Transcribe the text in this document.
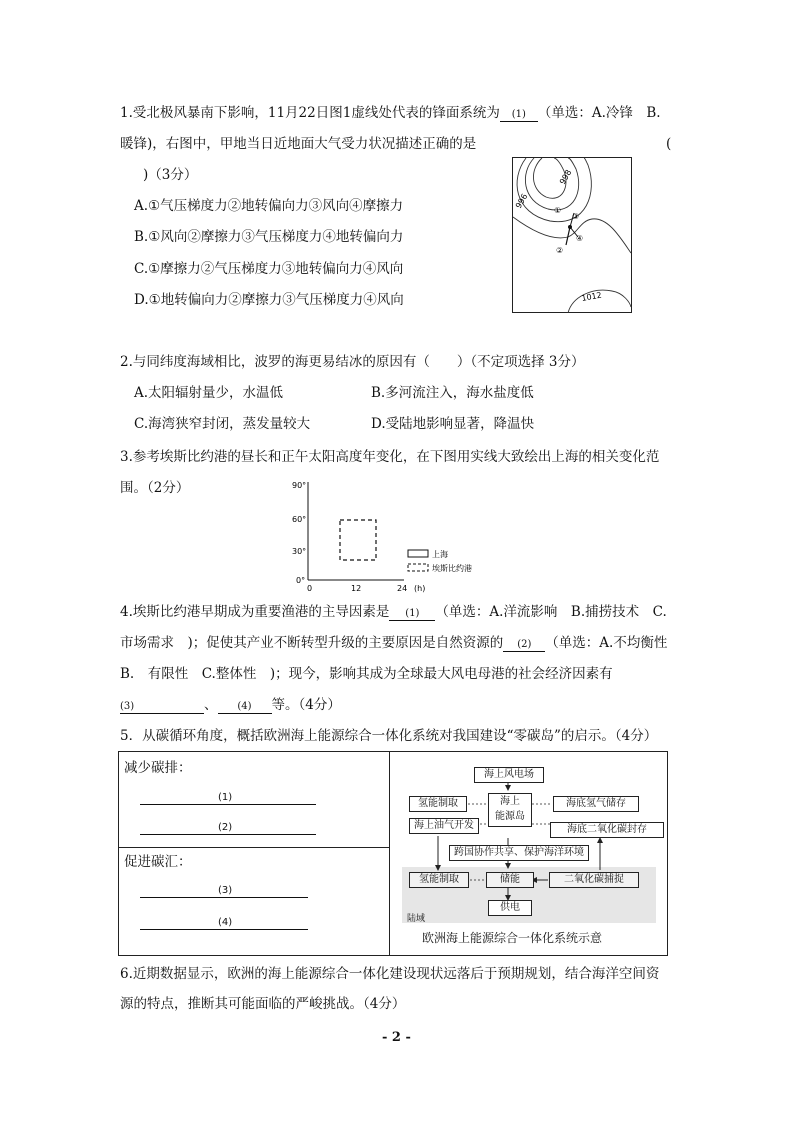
1.受北极风暴南下影响，11月22日图1虚线处代表的锋面系统为 (1) （单选：A.冷锋　B.
暖锋)，右图中，甲地当日近地面大气受力状况描述正确的是	(
)（3分）
A.①气压梯度力②地转偏向力③风向④摩擦力
B.①风向②摩擦力③气压梯度力④地转偏向力
C.①摩擦力②气压梯度力③地转偏向力④风向
D.①地转偏向力②摩擦力③气压梯度力④风向
①
②
③
④
996
998
1012
2.与同纬度海域相比，波罗的海更易结冰的原因有（　　）（不定项选择 3分）
A.太阳辐射量少，水温低	B.多河流注入，海水盐度低
C.海湾狭窄封闭，蒸发量较大	D.受陆地影响显著，降温快
3.参考埃斯比约港的昼长和正午太阳高度年变化，在下图用实线大致绘出上海的相关变化范
围。（2分）	90°
60°
30°
0°
0	12	24 (h)
上海
埃斯比约港
4.埃斯比约港早期成为重要渔港的主导因素是 (1) （单选：A.洋流影响　B.捕捞技术　C.
市场需求　)；促使其产业不断转型升级的主要原因是自然资源的 (2) （单选：A.不均衡性
B.　有限性　C.整体性　)；现今，影响其成为全球最大风电母港的社会经济因素有
(3)	、 (4) 等。（4分）
5．从碳循环角度，概括欧洲海上能源综合一体化系统对我国建设“零碳岛”的启示。（4分）
减少碳排：
(1)
(2)
促进碳汇：
(3)
(4)	陆域
海上风电场
海上
能源岛
氢能制取
海上油气开发
海底氢气储存
海底二氧化碳封存
跨国协作共享、保护海洋环境
氢能制取	储能	二氧化碳捕捉
供电
欧洲海上能源综合一体化系统示意
6.近期数据显示，欧洲的海上能源综合一体化建设现状远落后于预期规划，结合海洋空间资
源的特点，推断其可能面临的严峻挑战。（4分）
- 2 -
